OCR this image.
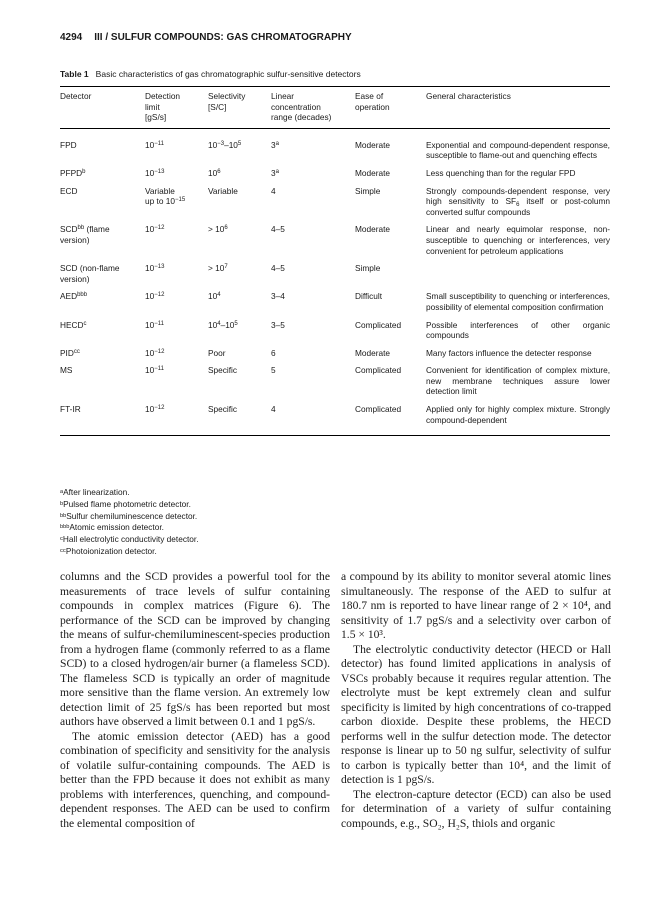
4294 III / SULFUR COMPOUNDS: GAS CHROMATOGRAPHY
Table 1 Basic characteristics of gas chromatographic sulfur-sensitive detectors
Detector	Detection
limit
[gS/s]	Selectivity
[S/C]	Linear
concentration
range (decades)	Ease of
operation	General characteristics
FPD	$10^{-11}$	$10^{-3}-10^5$	3$^a$	Moderate	Exponential and compound-dependent response, susceptible to flame-out and quenching effects
PFPD$^b$	$10^{-13}$	$10^6$	3$^a$	Moderate	Less quenching than for the regular FPD
ECD	Variable
up to $10^{-15}$	Variable	4	Simple	Strongly compounds-dependent response, very high sensitivity to $SF_6$ itself or post-column converted sulfur compounds
$SCD^{bb}$ (flame
version)	$10^{-12}$	> $10^6$	4–5	Moderate	Linear and nearly equimolar response, non-susceptible to quenching or interferences, very convenient for petroleum applications
SCD (non-flame
version)	$10^{-13}$	> $10^7$	4–5	Simple	
$AED^{bbb}$	$10^{-12}$	$10^4$	3–4	Difficult	Small susceptibility to quenching or interferences, possibility of elemental composition confirmation
HECD$^c$	$10^{-11}$	$10^4-10^5$	3–5	Complicated	Possible interferences of other organic compounds
$PID^{cc}$	$10^{-12}$	Poor	6	Moderate	Many factors influence the detecter response
MS	$10^{-11}$	Specific	5	Complicated	Convenient for identification of complex mixture, new membrane techniques assure lower detection limit
FT-IR	$10^{-12}$	Specific	4	Complicated	Applied only for highly complex mixture. Strongly compound-dependent
ᵃAfter linearization.
ᵇPulsed flame photometric detector.
ᵇᵇSulfur chemiluminescence detector.
ᵇᵇᵇAtomic emission detector.
ᶜHall electrolytic conductivity detector.
ᶜᶜPhotoionization detector.

columns and the SCD provides a powerful tool for the measurements of trace levels of sulfur containing compounds in complex matrices (Figure 6). The performance of the SCD can be improved by changing the means of sulfur-chemiluminescent-species production from a hydrogen flame (commonly referred to as a flame SCD) to a closed hydrogen/air burner (a flameless SCD). The flameless SCD is typically an order of magnitude more sensitive than the flame version. An extremely low detection limit of 25 fgS/s has been reported but most authors have observed a limit between 0.1 and 1 pgS/s.

The atomic emission detector (AED) has a good combination of specificity and sensitivity for the analysis of volatile sulfur-containing compounds. The AED is better than the FPD because it does not exhibit as many problems with interferences, quenching, and compound-dependent responses. The AED can be used to confirm the elemental composition of

a compound by its ability to monitor several atomic lines simultaneously. The response of the AED to sulfur at 180.7 nm is reported to have linear range of 2 × 10⁴, and sensitivity of 1.7 pgS/s and a selectivity over carbon of 1.5 × 10³.

The electrolytic conductivity detector (HECD or Hall detector) has found limited applications in analysis of VSCs probably because it requires regular attention. The electrolyte must be kept extremely clean and sulfur specificity is limited by high concentrations of co-trapped carbon dioxide. Despite these problems, the HECD performs well in the sulfur detection mode. The detector response is linear up to 50 ng sulfur, selectivity of sulfur to carbon is typically better than 10⁴, and the limit of detection is 1 pgS/s.

The electron-capture detector (ECD) can also be used for determination of a variety of sulfur containing compounds, e.g., SO₂, H₂S, thiols and organic
